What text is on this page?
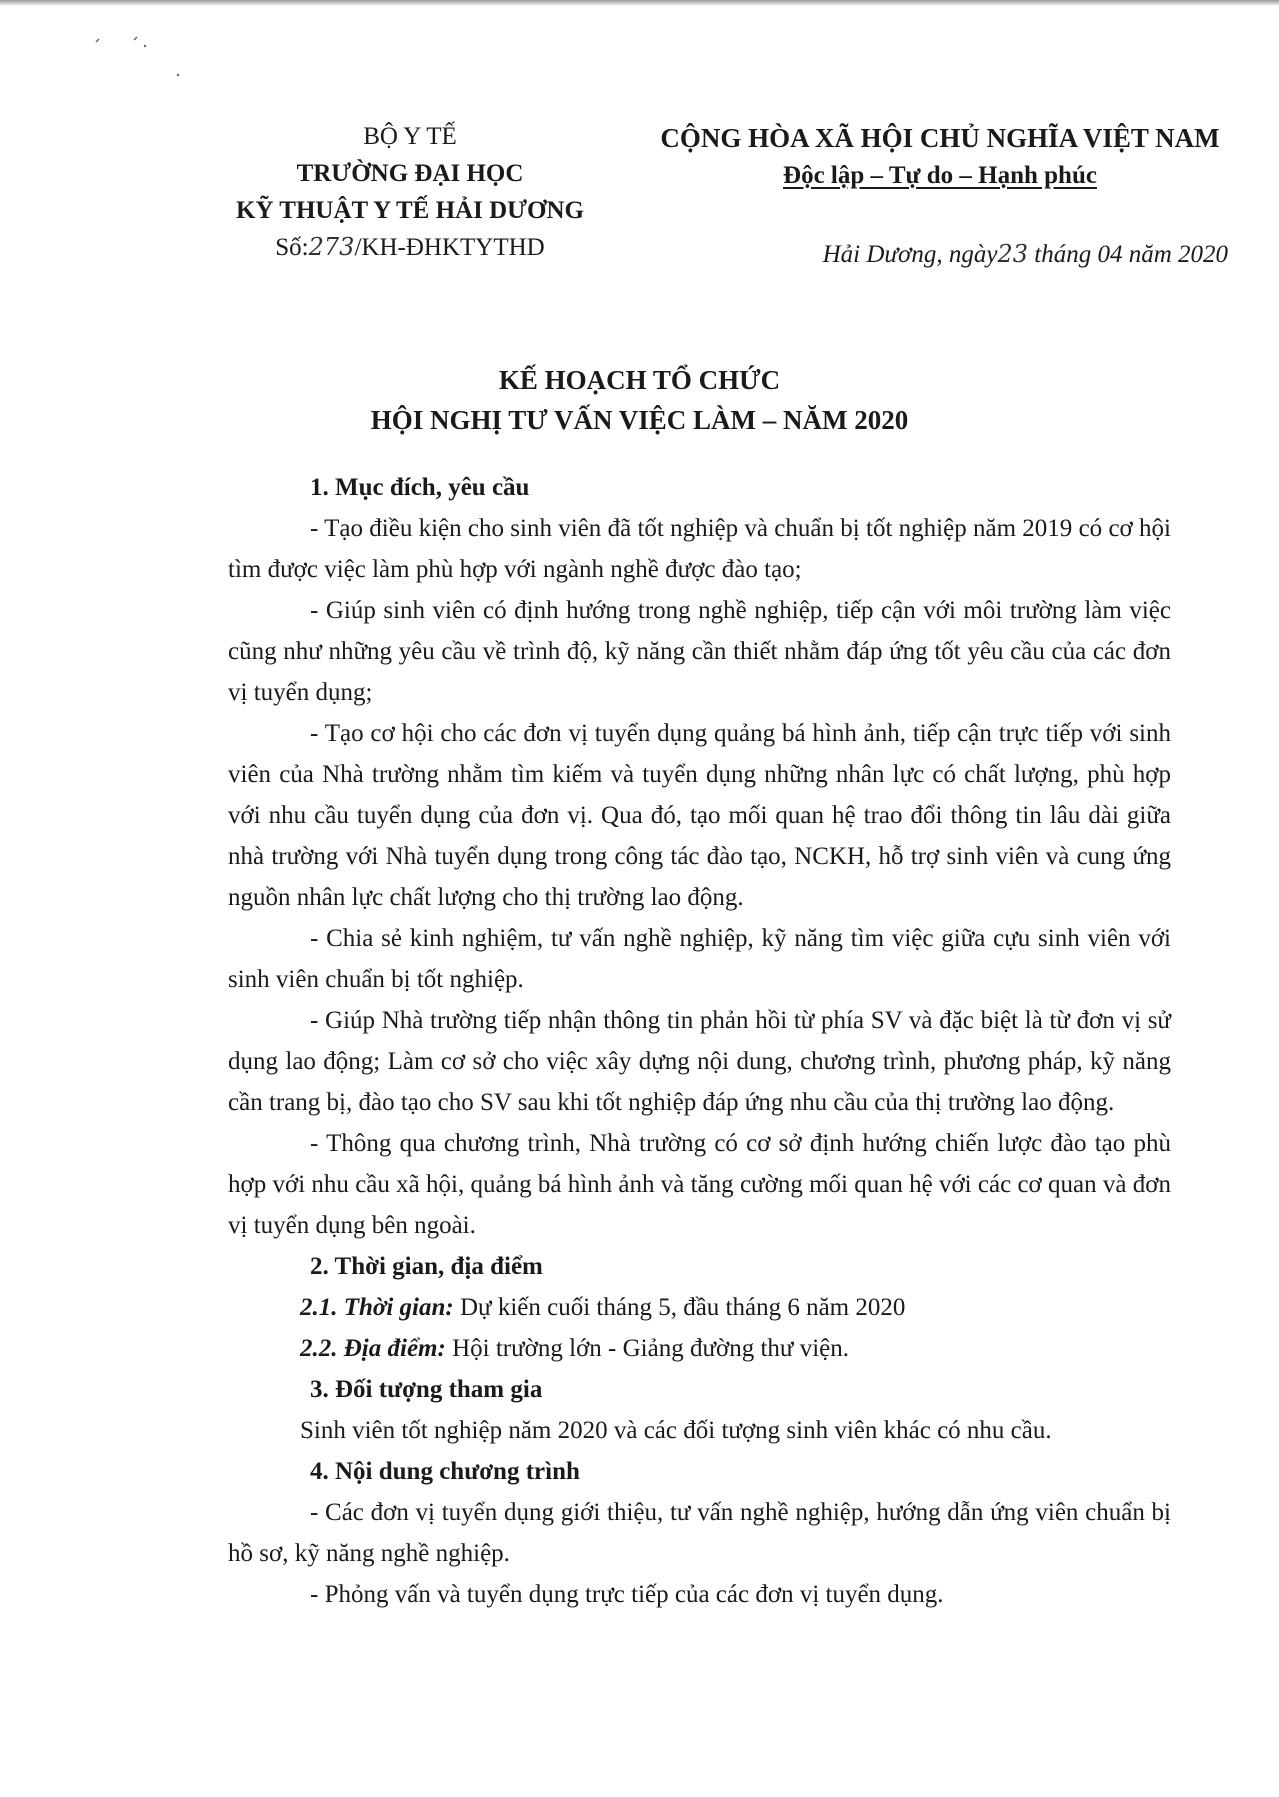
BỘ Y TẾ
TRƯỜNG ĐẠI HỌC
KỸ THUẬT Y TẾ HẢI DƯƠNG
Số:273/KH-ĐHKTYTHD
CỘNG HÒA XÃ HỘI CHỦ NGHĨA VIỆT NAM
Độc lập – Tự do – Hạnh phúc
Hải Dương, ngày23 tháng 04 năm 2020
KẾ HOẠCH TỔ CHỨC
HỘI NGHỊ TƯ VẤN VIỆC LÀM – NĂM 2020

1. Mục đích, yêu cầu

- Tạo điều kiện cho sinh viên đã tốt nghiệp và chuẩn bị tốt nghiệp năm 2019 có cơ hội tìm được việc làm phù hợp với ngành nghề được đào tạo;

- Giúp sinh viên có định hướng trong nghề nghiệp, tiếp cận với môi trường làm việc cũng như những yêu cầu về trình độ, kỹ năng cần thiết nhằm đáp ứng tốt yêu cầu của các đơn vị tuyển dụng;

- Tạo cơ hội cho các đơn vị tuyển dụng quảng bá hình ảnh, tiếp cận trực tiếp với sinh viên của Nhà trường nhằm tìm kiếm và tuyển dụng những nhân lực có chất lượng, phù hợp với nhu cầu tuyển dụng của đơn vị. Qua đó, tạo mối quan hệ trao đổi thông tin lâu dài giữa nhà trường với Nhà tuyển dụng trong công tác đào tạo, NCKH, hỗ trợ sinh viên và cung ứng nguồn nhân lực chất lượng cho thị trường lao động.

- Chia sẻ kinh nghiệm, tư vấn nghề nghiệp, kỹ năng tìm việc giữa cựu sinh viên với sinh viên chuẩn bị tốt nghiệp.

- Giúp Nhà trường tiếp nhận thông tin phản hồi từ phía SV và đặc biệt là từ đơn vị sử dụng lao động; Làm cơ sở cho việc xây dựng nội dung, chương trình, phương pháp, kỹ năng cần trang bị, đào tạo cho SV sau khi tốt nghiệp đáp ứng nhu cầu của thị trường lao động.

- Thông qua chương trình, Nhà trường có cơ sở định hướng chiến lược đào tạo phù hợp với nhu cầu xã hội, quảng bá hình ảnh và tăng cường mối quan hệ với các cơ quan và đơn vị tuyển dụng bên ngoài.

2. Thời gian, địa điểm

2.1. Thời gian: Dự kiến cuối tháng 5, đầu tháng 6 năm 2020

2.2. Địa điểm: Hội trường lớn - Giảng đường thư viện.

3. Đối tượng tham gia

Sinh viên tốt nghiệp năm 2020 và các đối tượng sinh viên khác có nhu cầu.

4. Nội dung chương trình

- Các đơn vị tuyển dụng giới thiệu, tư vấn nghề nghiệp, hướng dẫn ứng viên chuẩn bị hồ sơ, kỹ năng nghề nghiệp.

- Phỏng vấn và tuyển dụng trực tiếp của các đơn vị tuyển dụng.
